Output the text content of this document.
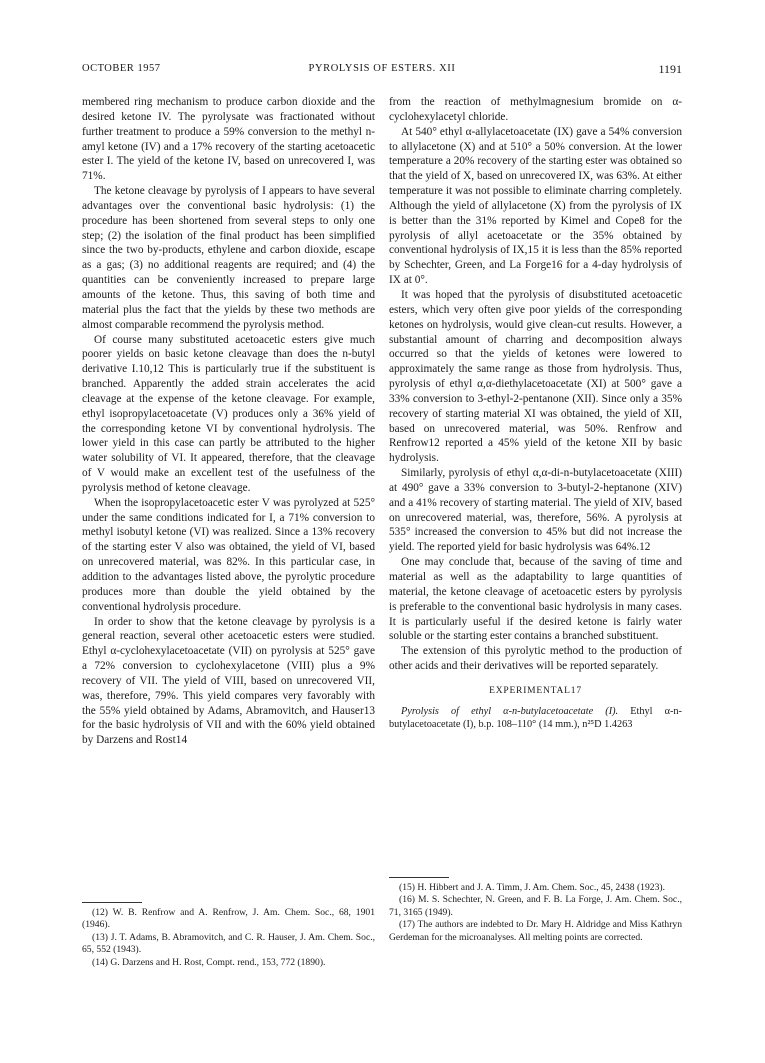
OCTOBER 1957	PYROLYSIS OF ESTERS. XII	1191

membered ring mechanism to produce carbon dioxide and the desired ketone IV. The pyrolysate was fractionated without further treatment to produce a 59% conversion to the methyl n-amyl ketone (IV) and a 17% recovery of the starting acetoacetic ester I. The yield of the ketone IV, based on unrecovered I, was 71%.

The ketone cleavage by pyrolysis of I appears to have several advantages over the conventional basic hydrolysis: (1) the procedure has been shortened from several steps to only one step; (2) the isolation of the final product has been simplified since the two by-products, ethylene and carbon dioxide, escape as a gas; (3) no additional reagents are required; and (4) the quantities can be conveniently increased to prepare large amounts of the ketone. Thus, this saving of both time and material plus the fact that the yields by these two methods are almost comparable recommend the pyrolysis method.

Of course many substituted acetoacetic esters give much poorer yields on basic ketone cleavage than does the n-butyl derivative I.10,12 This is particularly true if the substituent is branched. Apparently the added strain accelerates the acid cleavage at the expense of the ketone cleavage. For example, ethyl isopropylacetoacetate (V) produces only a 36% yield of the corresponding ketone VI by conventional hydrolysis. The lower yield in this case can partly be attributed to the higher water solubility of VI. It appeared, therefore, that the cleavage of V would make an excellent test of the usefulness of the pyrolysis method of ketone cleavage.

When the isopropylacetoacetic ester V was pyrolyzed at 525° under the same conditions indicated for I, a 71% conversion to methyl isobutyl ketone (VI) was realized. Since a 13% recovery of the starting ester V also was obtained, the yield of VI, based on unrecovered material, was 82%. In this particular case, in addition to the advantages listed above, the pyrolytic procedure produces more than double the yield obtained by the conventional hydrolysis procedure.

In order to show that the ketone cleavage by pyrolysis is a general reaction, several other acetoacetic esters were studied. Ethyl α-cyclohexylacetoacetate (VII) on pyrolysis at 525° gave a 72% conversion to cyclohexylacetone (VIII) plus a 9% recovery of VII. The yield of VIII, based on unrecovered VII, was, therefore, 79%. This yield compares very favorably with the 55% yield obtained by Adams, Abramovitch, and Hauser13 for the basic hydrolysis of VII and with the 60% yield obtained by Darzens and Rost14

(12) W. B. Renfrow and A. Renfrow, J. Am. Chem. Soc., 68, 1901 (1946).

(13) J. T. Adams, B. Abramovitch, and C. R. Hauser, J. Am. Chem. Soc., 65, 552 (1943).

(14) G. Darzens and H. Rost, Compt. rend., 153, 772 (1890).

from the reaction of methylmagnesium bromide on α-cyclohexylacetyl chloride.

At 540° ethyl α-allylacetoacetate (IX) gave a 54% conversion to allylacetone (X) and at 510° a 50% conversion. At the lower temperature a 20% recovery of the starting ester was obtained so that the yield of X, based on unrecovered IX, was 63%. At either temperature it was not possible to eliminate charring completely. Although the yield of allylacetone (X) from the pyrolysis of IX is better than the 31% reported by Kimel and Cope8 for the pyrolysis of allyl acetoacetate or the 35% obtained by conventional hydrolysis of IX,15 it is less than the 85% reported by Schechter, Green, and La Forge16 for a 4-day hydrolysis of IX at 0°.

It was hoped that the pyrolysis of disubstituted acetoacetic esters, which very often give poor yields of the corresponding ketones on hydrolysis, would give clean-cut results. However, a substantial amount of charring and decomposition always occurred so that the yields of ketones were lowered to approximately the same range as those from hydrolysis. Thus, pyrolysis of ethyl α,α-diethylacetoacetate (XI) at 500° gave a 33% conversion to 3-ethyl-2-pentanone (XII). Since only a 35% recovery of starting material XI was obtained, the yield of XII, based on unrecovered material, was 50%. Renfrow and Renfrow12 reported a 45% yield of the ketone XII by basic hydrolysis.

Similarly, pyrolysis of ethyl α,α-di-n-butylacetoacetate (XIII) at 490° gave a 33% conversion to 3-butyl-2-heptanone (XIV) and a 41% recovery of starting material. The yield of XIV, based on unrecovered material, was, therefore, 56%. A pyrolysis at 535° increased the conversion to 45% but did not increase the yield. The reported yield for basic hydrolysis was 64%.12

One may conclude that, because of the saving of time and material as well as the adaptability to large quantities of material, the ketone cleavage of acetoacetic esters by pyrolysis is preferable to the conventional basic hydrolysis in many cases. It is particularly useful if the desired ketone is fairly water soluble or the starting ester contains a branched substituent.

The extension of this pyrolytic method to the production of other acids and their derivatives will be reported separately.

EXPERIMENTAL17

Pyrolysis of ethyl α-n-butylacetoacetate (I). Ethyl α-n-butylacetoacetate (I), b.p. 108–110° (14 mm.), n²⁵D 1.4263

(15) H. Hibbert and J. A. Timm, J. Am. Chem. Soc., 45, 2438 (1923).

(16) M. S. Schechter, N. Green, and F. B. La Forge, J. Am. Chem. Soc., 71, 3165 (1949).

(17) The authors are indebted to Dr. Mary H. Aldridge and Miss Kathryn Gerdeman for the microanalyses. All melting points are corrected.
